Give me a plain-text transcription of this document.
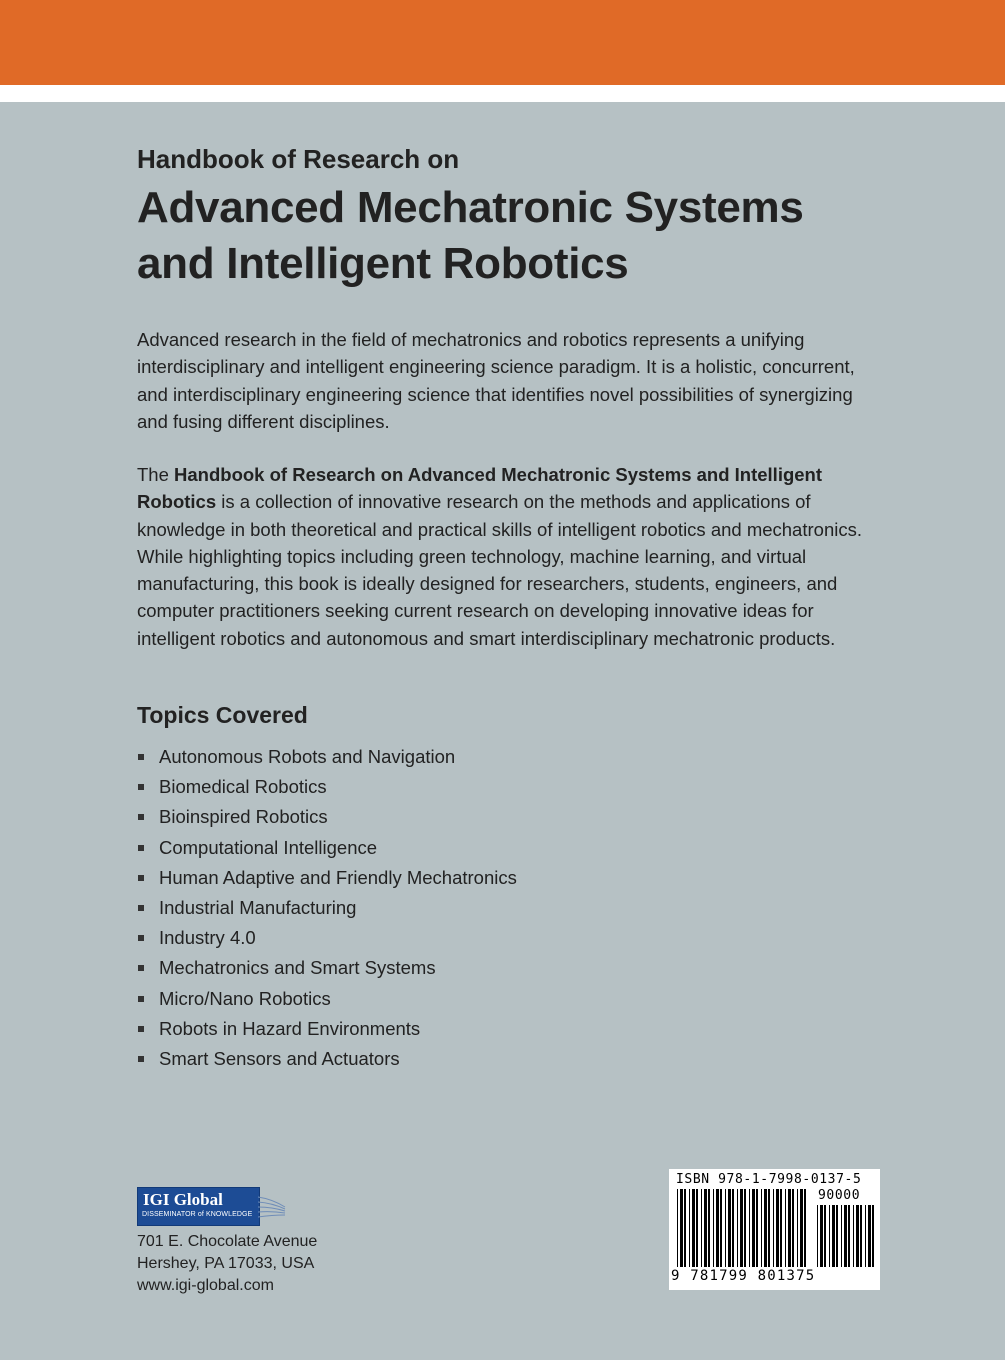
Handbook of Research on
Advanced Mechatronic Systems
and Intelligent Robotics

Advanced research in the field of mechatronics and robotics represents a unifying interdisciplinary and intelligent engineering science paradigm. It is a holistic, concurrent, and interdisciplinary engineering science that identifies novel possibilities of synergizing and fusing different disciplines.

The Handbook of Research on Advanced Mechatronic Systems and Intelligent Robotics is a collection of innovative research on the methods and applications of knowledge in both theoretical and practical skills of intelligent robotics and mechatronics. While highlighting topics including green technology, machine learning, and virtual manufacturing, this book is ideally designed for researchers, students, engineers, and computer practitioners seeking current research on developing innovative ideas for intelligent robotics and autonomous and smart interdisciplinary mechatronic products.

Topics Covered
Autonomous Robots and Navigation
Biomedical Robotics
Bioinspired Robotics
Computational Intelligence
Human Adaptive and Friendly Mechatronics
Industrial Manufacturing
Industry 4.0
Mechatronics and Smart Systems
Micro/Nano Robotics
Robots in Hazard Environments
Smart Sensors and Actuators
IGI Global
DISSEMINATOR of KNOWLEDGE
701 E. Chocolate Avenue
Hershey, PA 17033, USA
www.igi-global.com
ISBN 978-1-7998-0137-5
90000
9 781799 801375
